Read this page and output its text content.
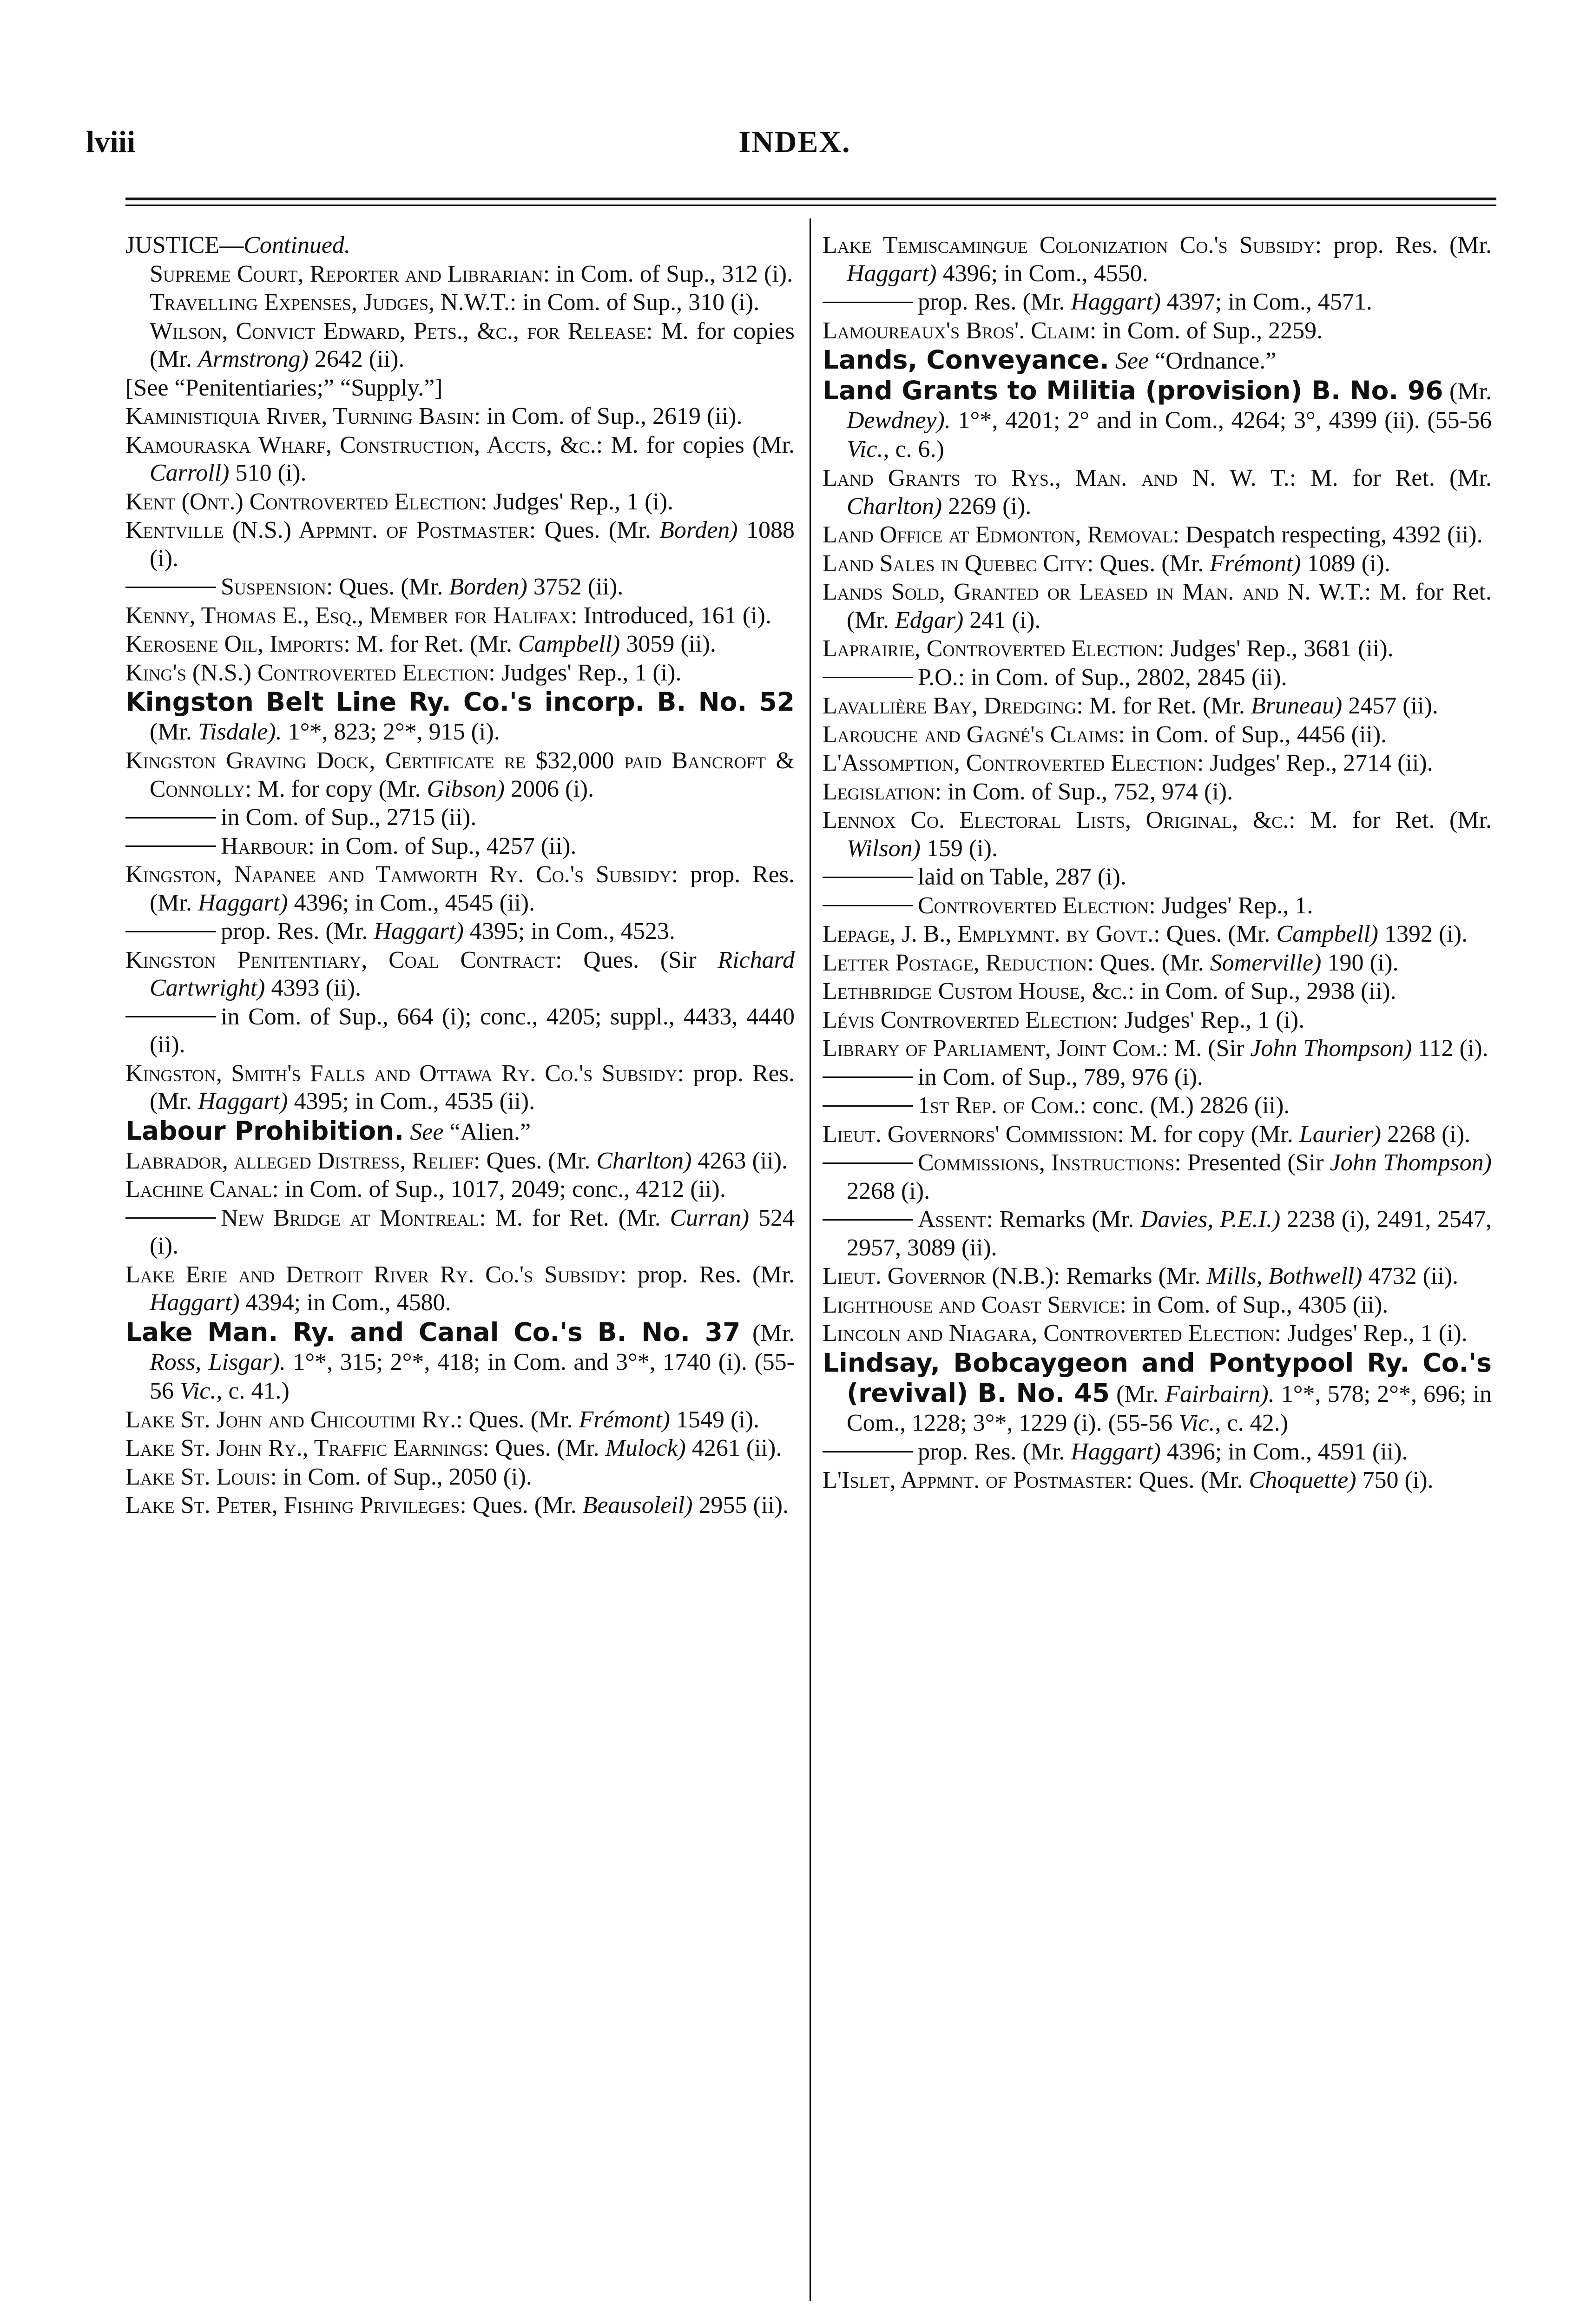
lviii	INDEX.

JUSTICE—Continued.

Supreme Court, Reporter and Librarian: in Com. of Sup., 312 (i).

Travelling Expenses, Judges, N.W.T.: in Com. of Sup., 310 (i).

Wilson, Convict Edward, Pets., &c., for Release: M. for copies (Mr. Armstrong) 2642 (ii).

[See “Penitentiaries;” “Supply.”]

Kaministiquia River, Turning Basin: in Com. of Sup., 2619 (ii).

Kamouraska Wharf, Construction, Accts, &c.: M. for copies (Mr. Carroll) 510 (i).

Kent (Ont.) Controverted Election: Judges' Rep., 1 (i).

Kentville (N.S.) Appmnt. of Postmaster: Ques. (Mr. Borden) 1088 (i).

Suspension: Ques. (Mr. Borden) 3752 (ii).

Kenny, Thomas E., Esq., Member for Halifax: Introduced, 161 (i).

Kerosene Oil, Imports: M. for Ret. (Mr. Campbell) 3059 (ii).

King's (N.S.) Controverted Election: Judges' Rep., 1 (i).

Kingston Belt Line Ry. Co.'s incorp. B. No. 52 (Mr. Tisdale). 1°*, 823; 2°*, 915 (i).

Kingston Graving Dock, Certificate re $32,000 paid Bancroft & Connolly: M. for copy (Mr. Gibson) 2006 (i).

in Com. of Sup., 2715 (ii).

Harbour: in Com. of Sup., 4257 (ii).

Kingston, Napanee and Tamworth Ry. Co.'s Subsidy: prop. Res. (Mr. Haggart) 4396; in Com., 4545 (ii).

prop. Res. (Mr. Haggart) 4395; in Com., 4523.

Kingston Penitentiary, Coal Contract: Ques. (Sir Richard Cartwright) 4393 (ii).

in Com. of Sup., 664 (i); conc., 4205; suppl., 4433, 4440 (ii).

Kingston, Smith's Falls and Ottawa Ry. Co.'s Subsidy: prop. Res. (Mr. Haggart) 4395; in Com., 4535 (ii).

Labour Prohibition. See “Alien.”

Labrador, alleged Distress, Relief: Ques. (Mr. Charlton) 4263 (ii).

Lachine Canal: in Com. of Sup., 1017, 2049; conc., 4212 (ii).

New Bridge at Montreal: M. for Ret. (Mr. Curran) 524 (i).

Lake Erie and Detroit River Ry. Co.'s Subsidy: prop. Res. (Mr. Haggart) 4394; in Com., 4580.

Lake Man. Ry. and Canal Co.'s B. No. 37 (Mr. Ross, Lisgar). 1°*, 315; 2°*, 418; in Com. and 3°*, 1740 (i). (55-56 Vic., c. 41.)

Lake St. John and Chicoutimi Ry.: Ques. (Mr. Frémont) 1549 (i).

Lake St. John Ry., Traffic Earnings: Ques. (Mr. Mulock) 4261 (ii).

Lake St. Louis: in Com. of Sup., 2050 (i).

Lake St. Peter, Fishing Privileges: Ques. (Mr. Beausoleil) 2955 (ii).

Lake Temiscamingue Colonization Co.'s Subsidy: prop. Res. (Mr. Haggart) 4396; in Com., 4550.

prop. Res. (Mr. Haggart) 4397; in Com., 4571.

Lamoureaux's Bros'. Claim: in Com. of Sup., 2259.

Lands, Conveyance. See “Ordnance.”

Land Grants to Militia (provision) B. No. 96 (Mr. Dewdney). 1°*, 4201; 2° and in Com., 4264; 3°, 4399 (ii). (55-56 Vic., c. 6.)

Land Grants to Rys., Man. and N. W. T.: M. for Ret. (Mr. Charlton) 2269 (i).

Land Office at Edmonton, Removal: Despatch respecting, 4392 (ii).

Land Sales in Quebec City: Ques. (Mr. Frémont) 1089 (i).

Lands Sold, Granted or Leased in Man. and N. W.T.: M. for Ret. (Mr. Edgar) 241 (i).

Laprairie, Controverted Election: Judges' Rep., 3681 (ii).

P.O.: in Com. of Sup., 2802, 2845 (ii).

Lavallière Bay, Dredging: M. for Ret. (Mr. Bruneau) 2457 (ii).

Larouche and Gagné's Claims: in Com. of Sup., 4456 (ii).

L'Assomption, Controverted Election: Judges' Rep., 2714 (ii).

Legislation: in Com. of Sup., 752, 974 (i).

Lennox Co. Electoral Lists, Original, &c.: M. for Ret. (Mr. Wilson) 159 (i).

laid on Table, 287 (i).

Controverted Election: Judges' Rep., 1.

Lepage, J. B., Emplymnt. by Govt.: Ques. (Mr. Campbell) 1392 (i).

Letter Postage, Reduction: Ques. (Mr. Somerville) 190 (i).

Lethbridge Custom House, &c.: in Com. of Sup., 2938 (ii).

Lévis Controverted Election: Judges' Rep., 1 (i).

Library of Parliament, Joint Com.: M. (Sir John Thompson) 112 (i).

in Com. of Sup., 789, 976 (i).

1st Rep. of Com.: conc. (M.) 2826 (ii).

Lieut. Governors' Commission: M. for copy (Mr. Laurier) 2268 (i).

Commissions, Instructions: Presented (Sir John Thompson) 2268 (i).

Assent: Remarks (Mr. Davies, P.E.I.) 2238 (i), 2491, 2547, 2957, 3089 (ii).

Lieut. Governor (N.B.): Remarks (Mr. Mills, Bothwell) 4732 (ii).

Lighthouse and Coast Service: in Com. of Sup., 4305 (ii).

Lincoln and Niagara, Controverted Election: Judges' Rep., 1 (i).

Lindsay, Bobcaygeon and Pontypool Ry. Co.'s (revival) B. No. 45 (Mr. Fairbairn). 1°*, 578; 2°*, 696; in Com., 1228; 3°*, 1229 (i). (55-56 Vic., c. 42.)

prop. Res. (Mr. Haggart) 4396; in Com., 4591 (ii).

L'Islet, Appmnt. of Postmaster: Ques. (Mr. Choquette) 750 (i).
